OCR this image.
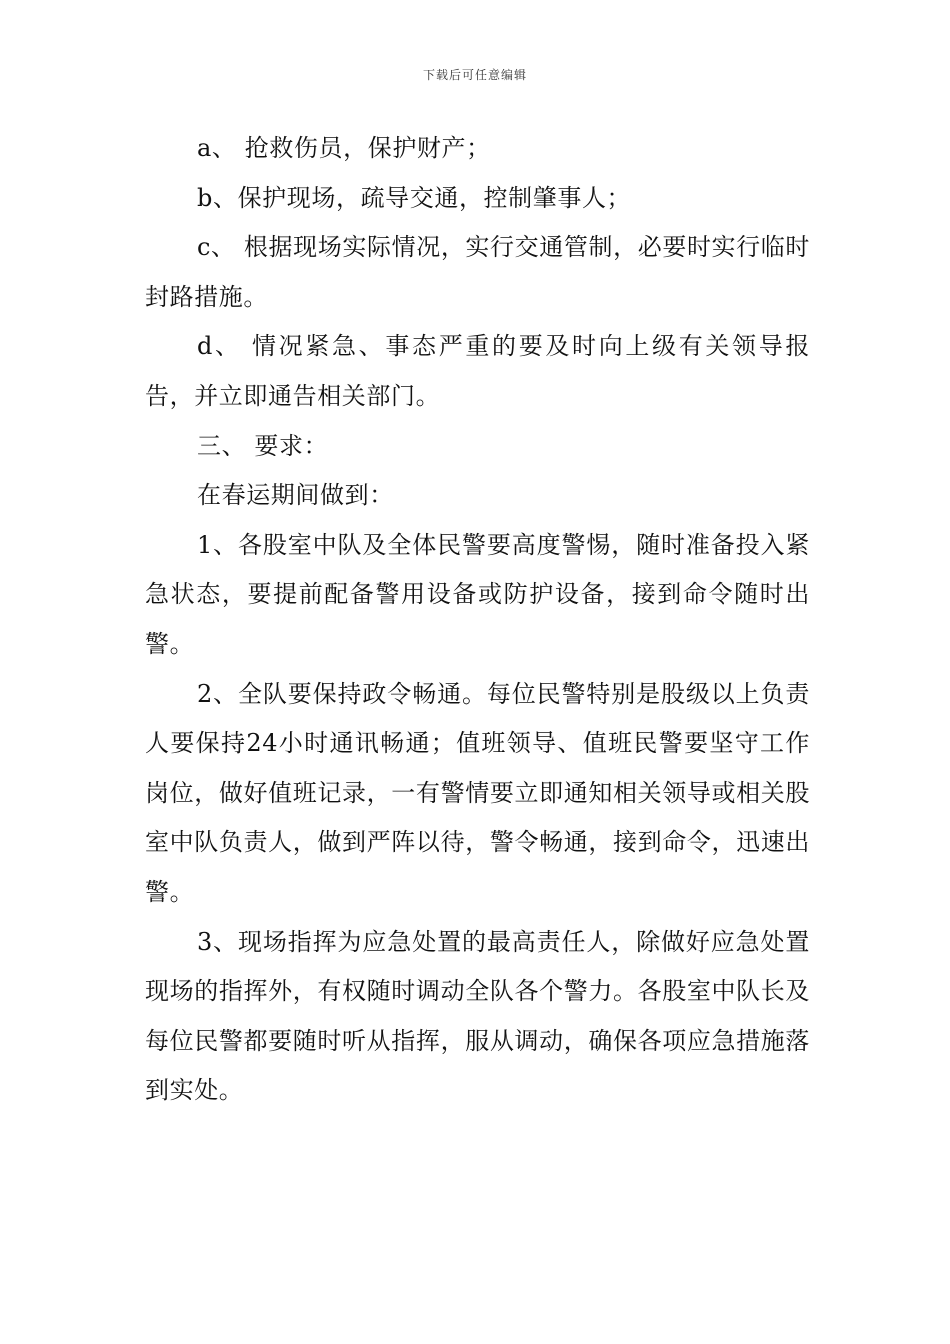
下载后可任意编辑

a、 抢救伤员，保护财产；

b、保护现场，疏导交通，控制肇事人；

c、 根据现场实际情况，实行交通管制，必要时实行临时封路措施。

d、 情况紧急、事态严重的要及时向上级有关领导报告，并立即通告相关部门。

三、 要求：

在春运期间做到：

1、各股室中队及全体民警要高度警惕，随时准备投入紧急状态，要提前配备警用设备或防护设备，接到命令随时出警。

2、全队要保持政令畅通。每位民警特别是股级以上负责人要保持24小时通讯畅通；值班领导、值班民警要坚守工作岗位，做好值班记录，一有警情要立即通知相关领导或相关股室中队负责人，做到严阵以待，警令畅通，接到命令，迅速出警。

3、现场指挥为应急处置的最高责任人，除做好应急处置现场的指挥外，有权随时调动全队各个警力。各股室中队长及每位民警都要随时听从指挥，服从调动，确保各项应急措施落到实处。
